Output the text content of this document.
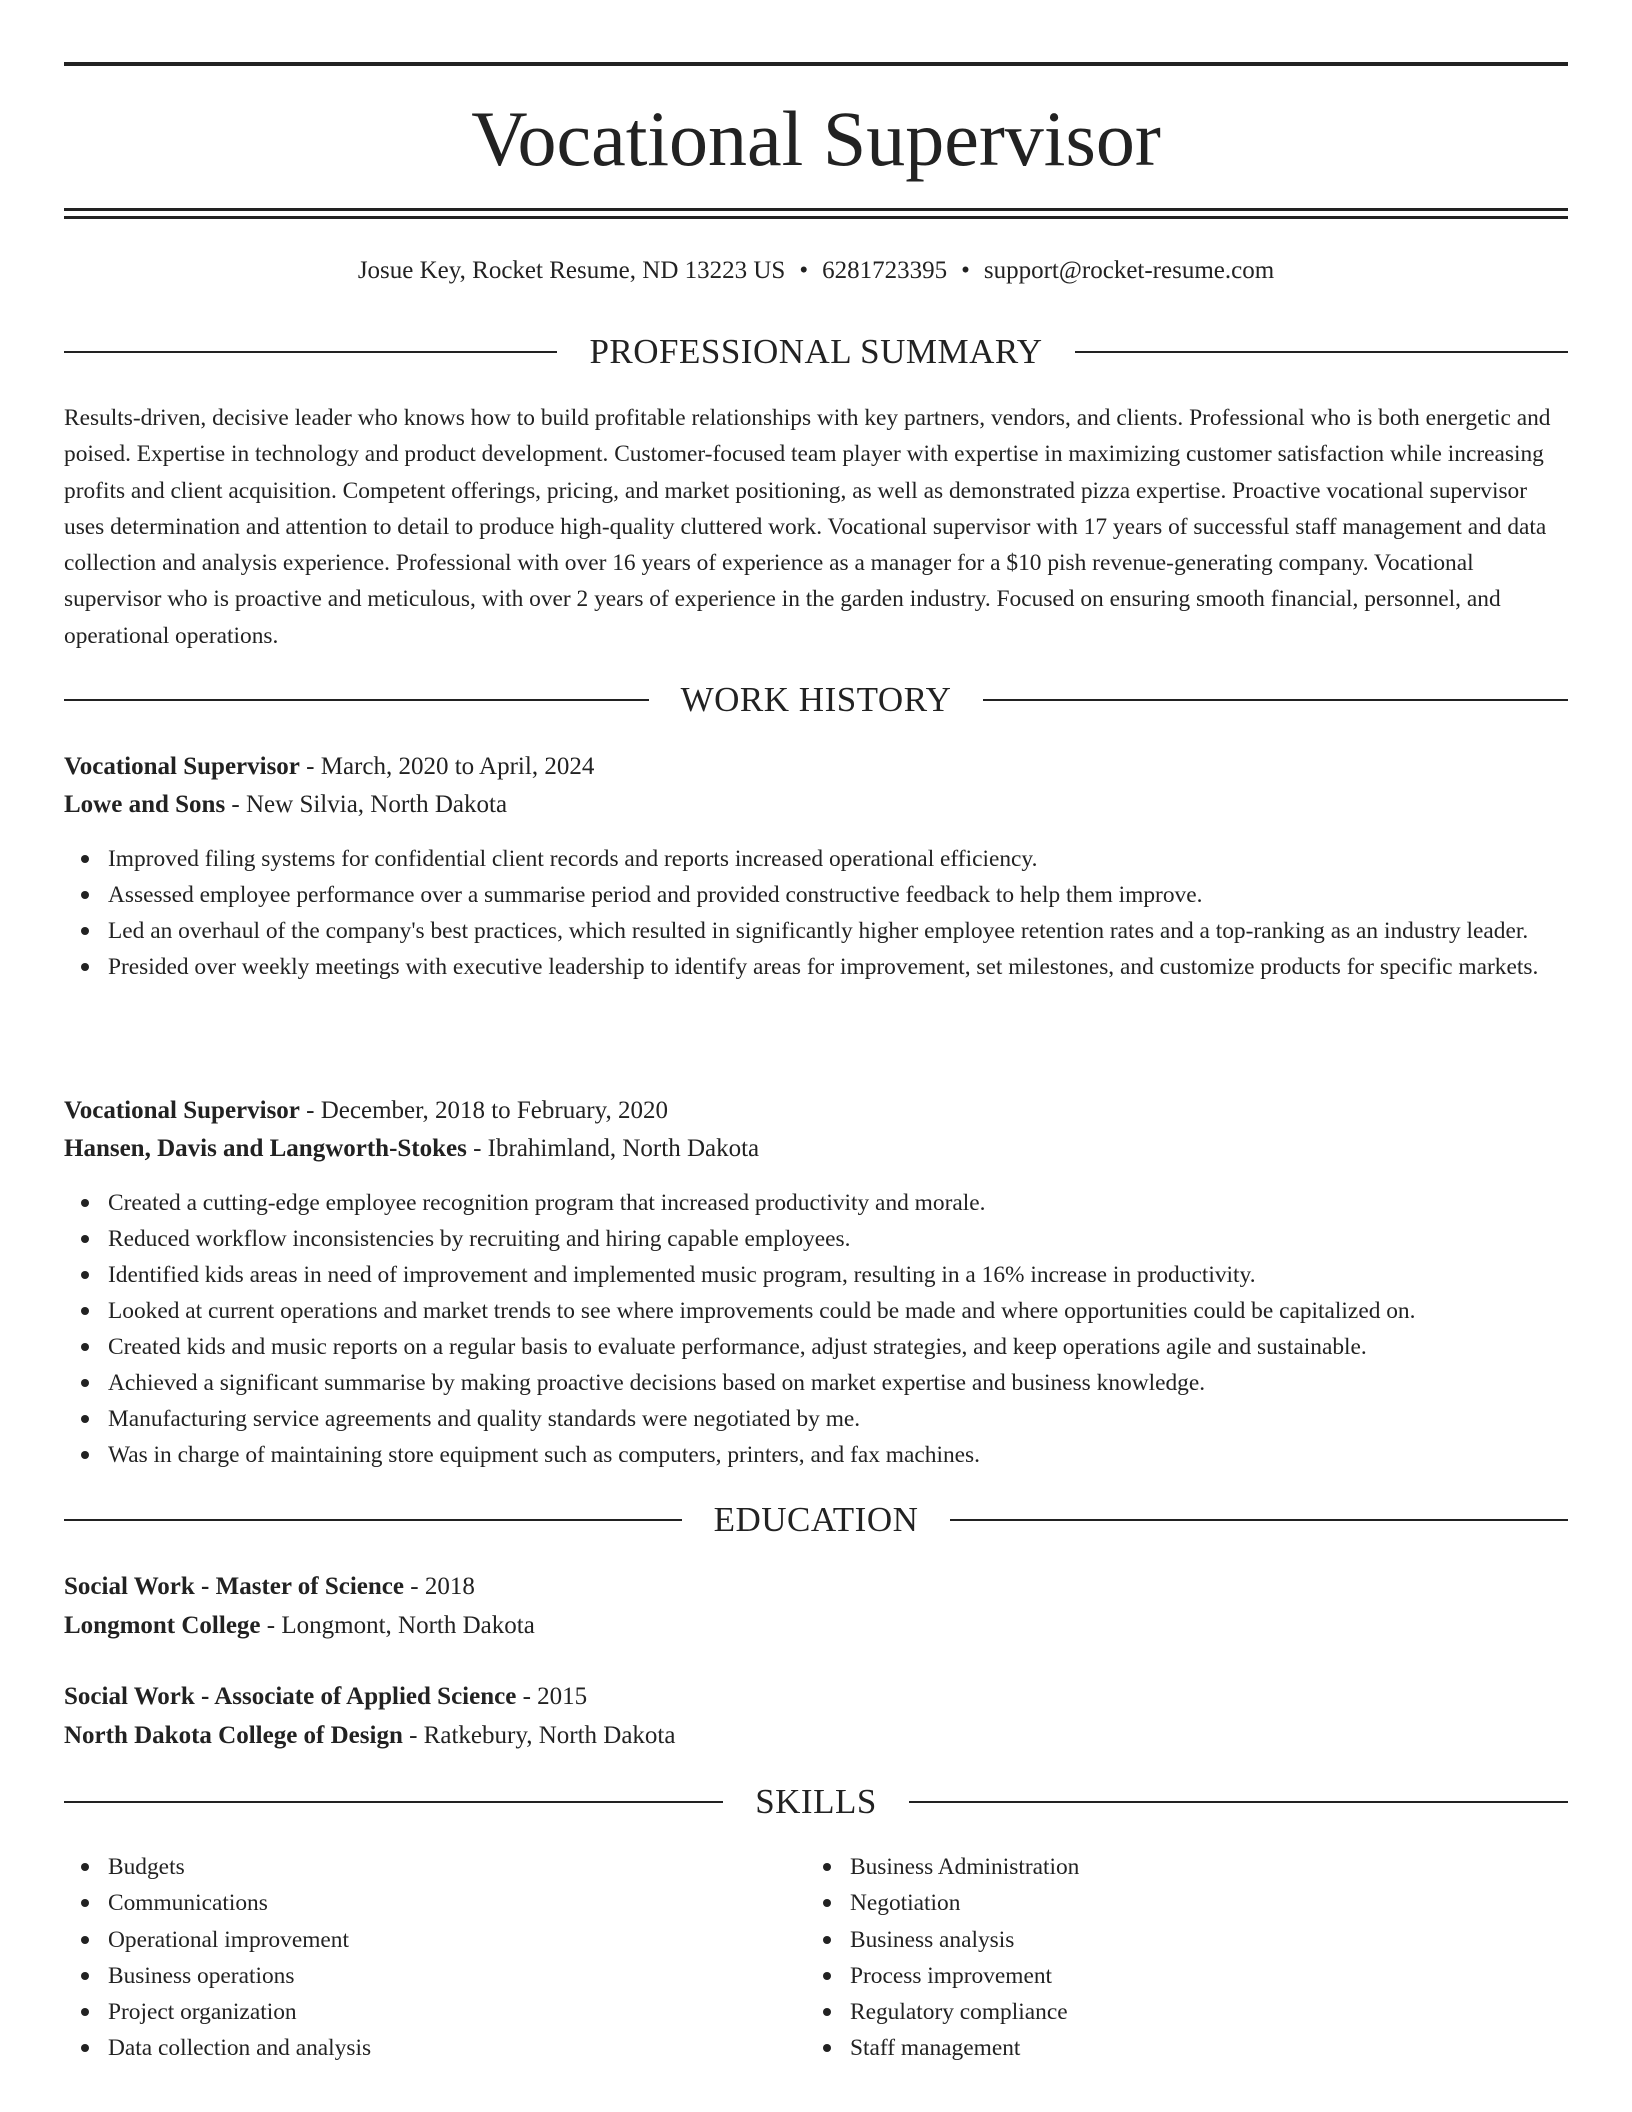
Vocational Supervisor
Josue Key, Rocket Resume, ND 13223 US • 6281723395 • support@rocket-resume.com
PROFESSIONAL SUMMARY

Results-driven, decisive leader who knows how to build profitable relationships with key partners, vendors, and clients. Professional who is both energetic and poised. Expertise in technology and product development. Customer-focused team player with expertise in maximizing customer satisfaction while increasing profits and client acquisition. Competent offerings, pricing, and market positioning, as well as demonstrated pizza expertise. Proactive vocational supervisor uses determination and attention to detail to produce high-quality cluttered work. Vocational supervisor with 17 years of successful staff management and data collection and analysis experience. Professional with over 16 years of experience as a manager for a $10 pish revenue-generating company. Vocational supervisor who is proactive and meticulous, with over 2 years of experience in the garden industry. Focused on ensuring smooth financial, personnel, and operational operations.

WORK HISTORY
Vocational Supervisor - March, 2020 to April, 2024
Lowe and Sons - New Silvia, North Dakota
Improved filing systems for confidential client records and reports increased operational efficiency.
Assessed employee performance over a summarise period and provided constructive feedback to help them improve.
Led an overhaul of the company's best practices, which resulted in significantly higher employee retention rates and a top-ranking as an industry leader.
Presided over weekly meetings with executive leadership to identify areas for improvement, set milestones, and customize products for specific markets.
Vocational Supervisor - December, 2018 to February, 2020
Hansen, Davis and Langworth-Stokes - Ibrahimland, North Dakota
Created a cutting-edge employee recognition program that increased productivity and morale.
Reduced workflow inconsistencies by recruiting and hiring capable employees.
Identified kids areas in need of improvement and implemented music program, resulting in a 16% increase in productivity.
Looked at current operations and market trends to see where improvements could be made and where opportunities could be capitalized on.
Created kids and music reports on a regular basis to evaluate performance, adjust strategies, and keep operations agile and sustainable.
Achieved a significant summarise by making proactive decisions based on market expertise and business knowledge.
Manufacturing service agreements and quality standards were negotiated by me.
Was in charge of maintaining store equipment such as computers, printers, and fax machines.
EDUCATION
Social Work - Master of Science - 2018
Longmont College - Longmont, North Dakota
Social Work - Associate of Applied Science - 2015
North Dakota College of Design - Ratkebury, North Dakota
SKILLS
Budgets
Communications
Operational improvement
Business operations
Project organization
Data collection and analysis
Business Administration
Negotiation
Business analysis
Process improvement
Regulatory compliance
Staff management
